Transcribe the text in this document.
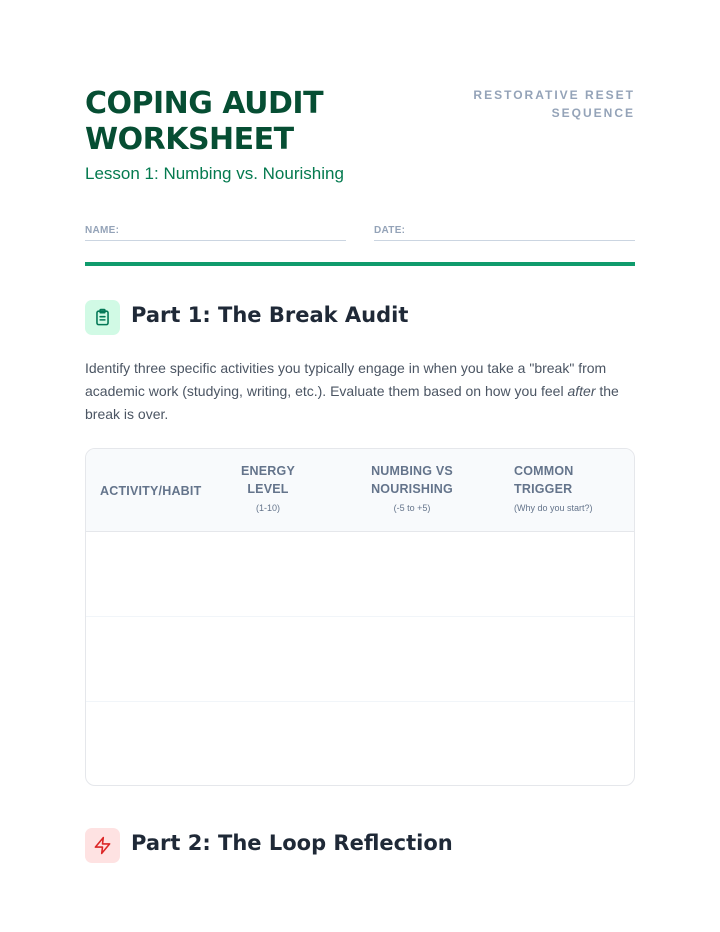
COPING AUDIT WORKSHEET
Lesson 1: Numbing vs. Nourishing
RESTORATIVE RESET SEQUENCE
NAME:	DATE:
Part 1: The Break Audit

Identify three specific activities you typically engage in when you take a "break" from academic work (studying, writing, etc.). Evaluate them based on how you feel after the break is over.

ACTIVITY/HABIT
ENERGY LEVEL
(1-10)
NUMBING VS NOURISHING
(-5 to +5)
COMMON TRIGGER
(Why do you start?)
Part 2: The Loop Reflection
